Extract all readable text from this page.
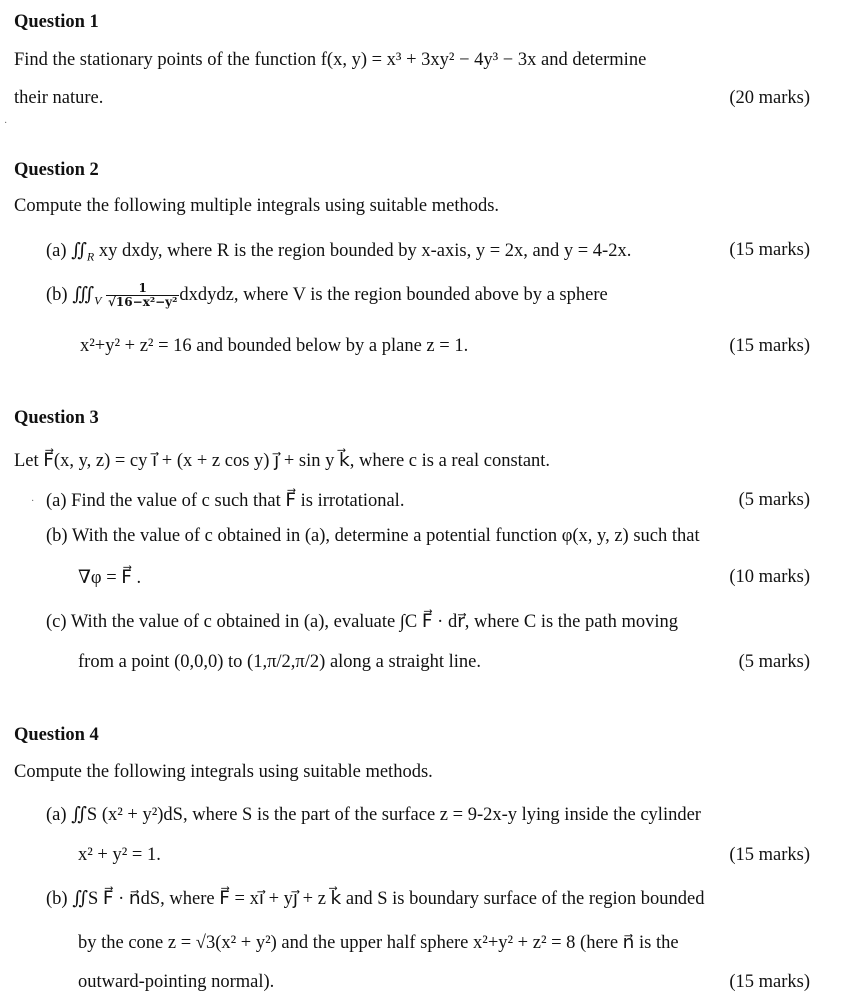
Question 1
Find the stationary points of the function f(x, y) = x³ + 3xy² − 4y³ − 3x and determine
their nature.	(20 marks)
·
Question 2
Compute the following multiple integrals using suitable methods.
(a) $∬_R$ xy dxdy, where R is the region bounded by x-axis, y = 2x, and y = 4-2x.	(15 marks)
(b) $∭_V \frac{1}{\text{√16−x²−y²}}$ dxdydz, where V is the region bounded above by a sphere
x²+y² + z² = 16 and bounded below by a plane z = 1.	(15 marks)
Question 3
Let F⃗(x, y, z) = cy ı⃗ + (x + z cos y) ȷ⃗ + sin y k⃗, where c is a real constant.
· (a) Find the value of c such that F⃗ is irrotational.	(5 marks)
(b) With the value of c obtained in (a), determine a potential function φ(x, y, z) such that
∇φ = F⃗ .	(10 marks)
(c) With the value of c obtained in (a), evaluate ∫C F⃗ · dr⃗, where C is the path moving
from a point (0,0,0) to (1,π/2,π/2) along a straight line.	(5 marks)
Question 4
Compute the following integrals using suitable methods.
(a) ∬S (x² + y²)dS, where S is the part of the surface z = 9-2x-y lying inside the cylinder
x² + y² = 1.	(15 marks)
(b) ∬S F⃗ · n⃗dS, where F⃗ = xı⃗ + yȷ⃗ + z k⃗ and S is boundary surface of the region bounded
by the cone z = √3(x² + y²) and the upper half sphere x²+y² + z² = 8 (here n⃗ is the
outward-pointing normal).	(15 marks)
